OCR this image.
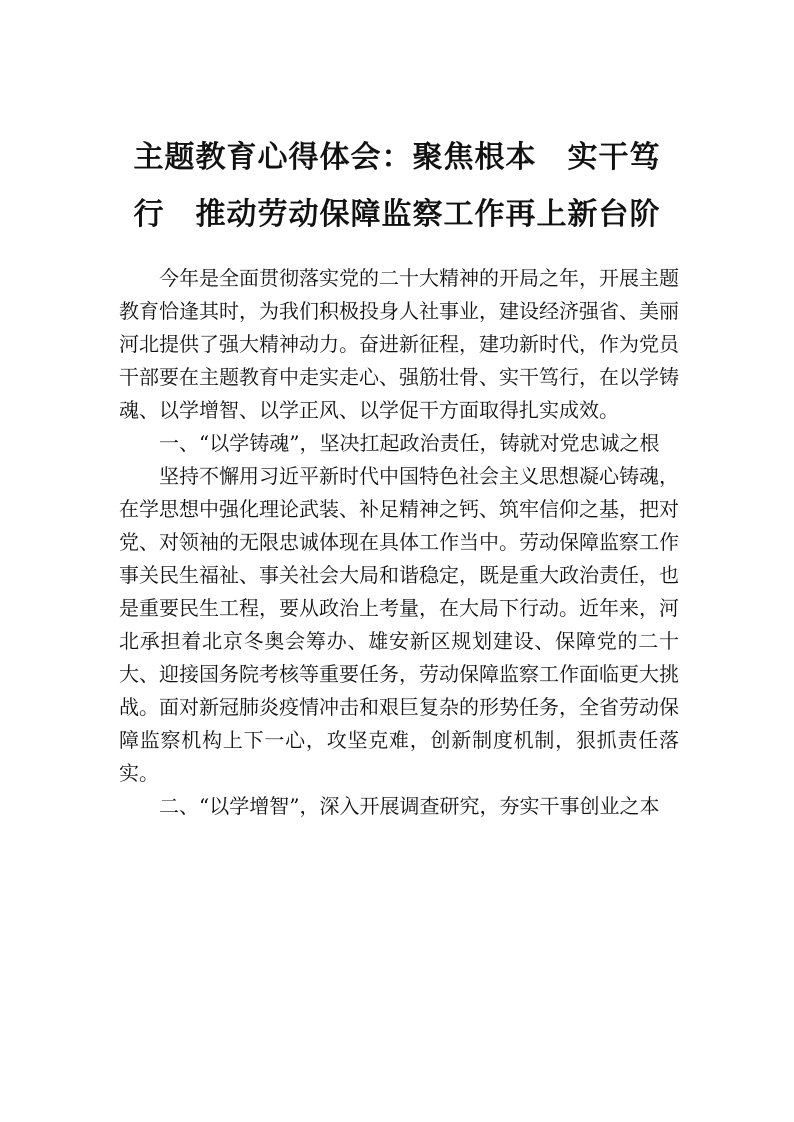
主题教育心得体会：聚焦根本　实干笃
行　推动劳动保障监察工作再上新台阶

今年是全面贯彻落实党的二十大精神的开局之年，开展主题教育恰逢其时，为我们积极投身人社事业，建设经济强省、美丽河北提供了强大精神动力。奋进新征程，建功新时代，作为党员干部要在主题教育中走实走心、强筋壮骨、实干笃行，在以学铸魂、以学增智、以学正风、以学促干方面取得扎实成效。

一、“以学铸魂”，坚决扛起政治责任，铸就对党忠诚之根

坚持不懈用习近平新时代中国特色社会主义思想凝心铸魂，在学思想中强化理论武装、补足精神之钙、筑牢信仰之基，把对党、对领袖的无限忠诚体现在具体工作当中。劳动保障监察工作事关民生福祉、事关社会大局和谐稳定，既是重大政治责任，也是重要民生工程，要从政治上考量，在大局下行动。近年来，河北承担着北京冬奥会筹办、雄安新区规划建设、保障党的二十大、迎接国务院考核等重要任务，劳动保障监察工作面临更大挑战。面对新冠肺炎疫情冲击和艰巨复杂的形势任务，全省劳动保障监察机构上下一心，攻坚克难，创新制度机制，狠抓责任落实。

二、“以学增智”，深入开展调查研究，夯实干事创业之本
